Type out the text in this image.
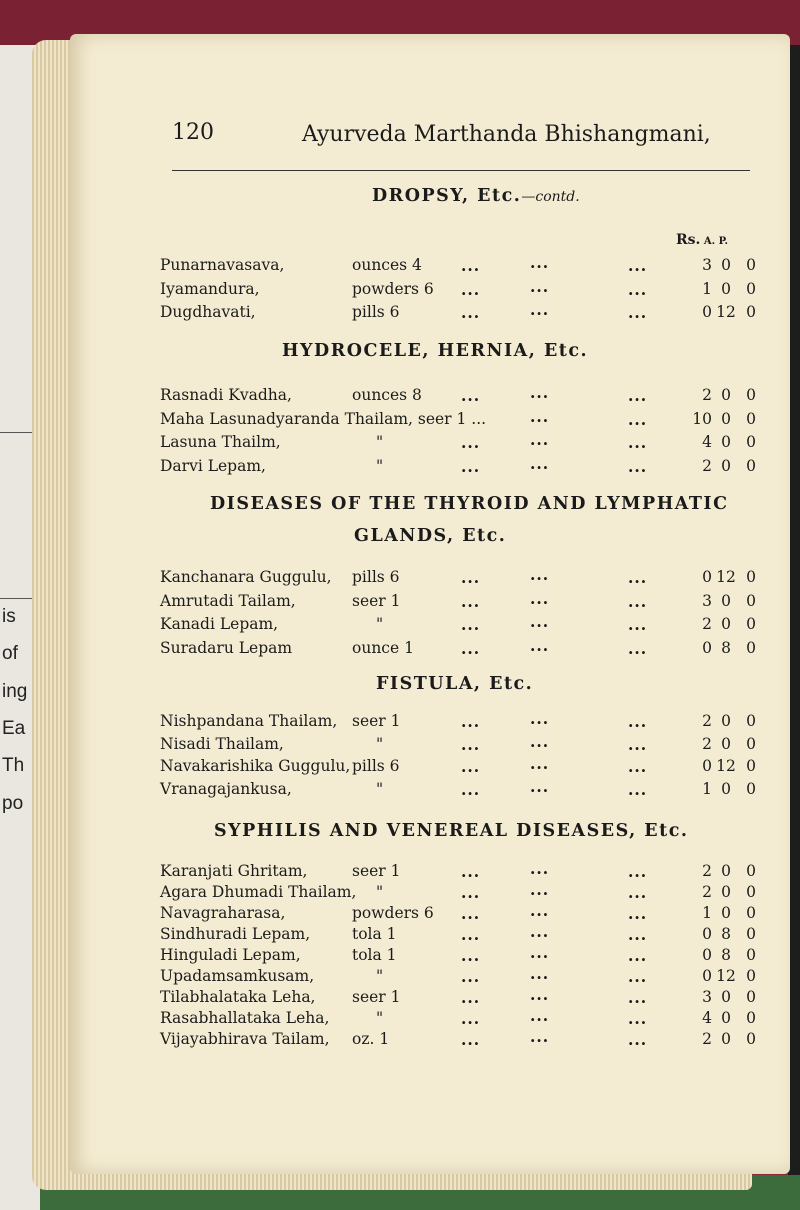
is
of
ing
Ea
Th
po
120	Ayurveda Marthanda Bhishangmani,
Rs. A. P.
DROPSY, Etc.—contd.
Punarnavasava,	ounces 4	...	...	...	3 0 0
Iyamandura,	powders 6 ...	...	...	1 0 0
Dugdhavati,	pills 6	...	...	...	0 12 0
HYDROCELE, HERNIA, Etc.
Rasnadi Kvadha,	ounces 8	...	...	...	2 0 0
Maha Lasunadyaranda Thailam, seer 1 ...	...	...	10 0 0
Lasuna Thailm,	"	...	...	...	4 0 0
Darvi Lepam,	"	...	...	...	2 0 0
DISEASES OF THE THYROID AND LYMPHATIC
GLANDS, Etc.
Kanchanara Guggulu, pills 6	...	...	...	0 12 0
Amrutadi Tailam,	seer 1	...	...	...	3 0 0
Kanadi Lepam,	"	...	...	...	2 0 0
Suradaru Lepam	ounce 1	...	...	...	0 8 0
FISTULA, Etc.
Nishpandana Thailam, seer 1	...	...	...	2 0 0
Nisadi Thailam,	"	...	...	...	2 0 0
Navakarishika Guggulu, pills 6	...	...	...	0 12 0
Vranagajankusa,	"	...	...	...	1 0 0
SYPHILIS AND VENEREAL DISEASES, Etc.
Karanjati Ghritam,	seer 1	...	...	...	2 0 0
Agara Dhumadi Thailam, "	...	...	...	2 0 0
Navagraharasa,	powders 6 ...	...	...	1 0 0
Sindhuradi Lepam,	tola 1	...	...	...	0 8 0
Hinguladi Lepam,	tola 1	...	...	...	0 8 0
Upadamsamkusam,	"	...	...	...	0 12 0
Tilabhalataka Leha, seer 1	...	...	...	3 0 0
Rasabhallataka Leha,	"	...	...	...	4 0 0
Vijayabhirava Tailam, oz. 1	...	...	...	2 0 0
